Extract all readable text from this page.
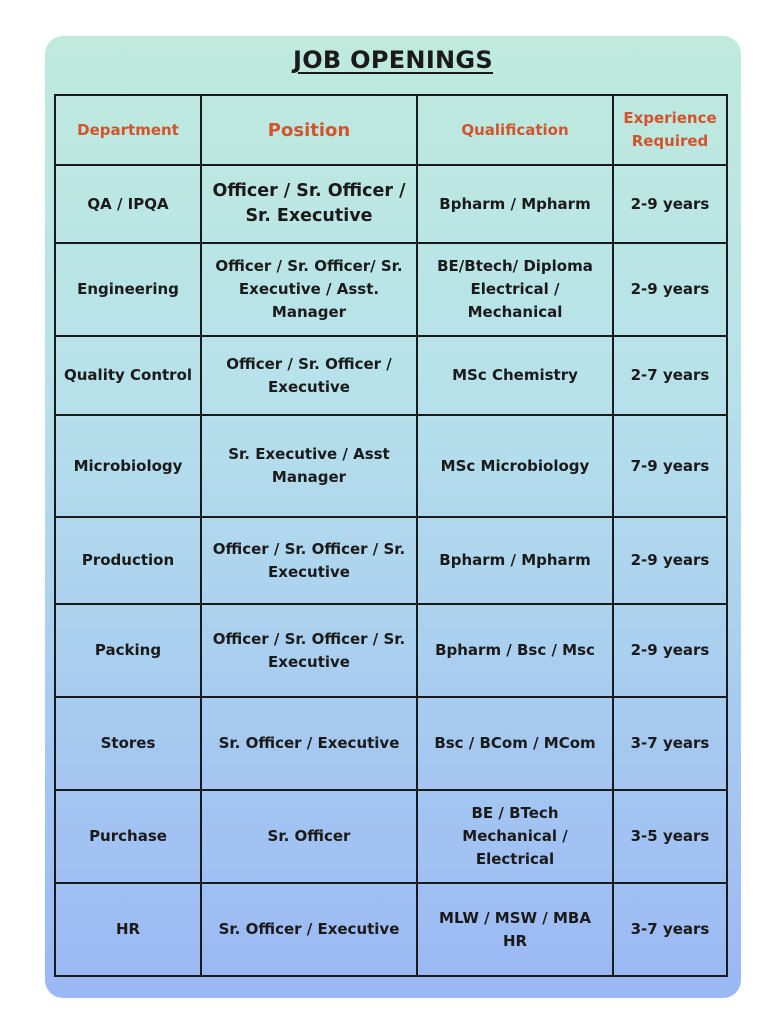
JOB OPENINGS
Department	Position	Qualification	Experience Required
QA / IPQA	Officer / Sr. Officer / Sr. Executive	Bpharm / Mpharm	2-9 years
Engineering	Officer / Sr. Officer/ Sr. Executive / Asst. Manager	BE/Btech/ Diploma Electrical / Mechanical	2-9 years
Quality Control	Officer / Sr. Officer / Executive	MSc Chemistry	2-7 years
Microbiology	Sr. Executive / Asst Manager	MSc Microbiology	7-9 years
Production	Officer / Sr. Officer / Sr. Executive	Bpharm / Mpharm	2-9 years
Packing	Officer / Sr. Officer / Sr. Executive	Bpharm / Bsc / Msc	2-9 years
Stores	Sr. Officer / Executive	Bsc / BCom / MCom	3-7 years
Purchase	Sr. Officer	BE / BTech Mechanical / Electrical	3-5 years
HR	Sr. Officer / Executive	MLW / MSW / MBA HR	3-7 years
